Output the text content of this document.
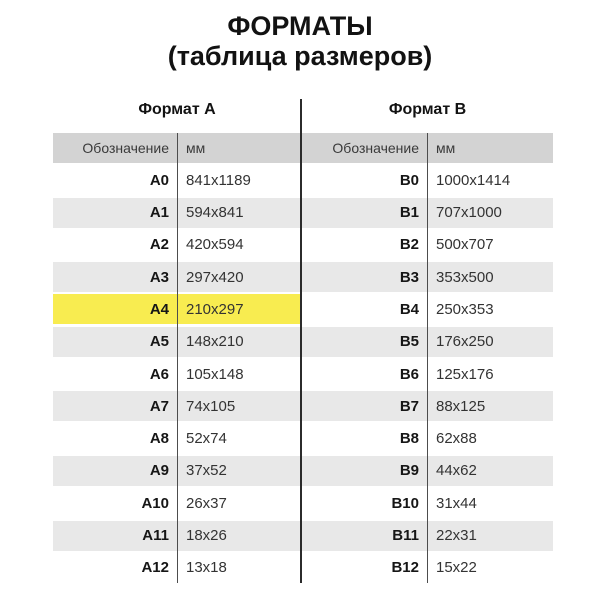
ФОРМАТЫ
(таблица размеров)
Формат А	Формат В
Обозначение	мм
A0	841x1189
A1	594x841
A2	420x594
A3	297x420
A4	210x297
A5	148x210
A6	105x148
A7	74x105
A8	52x74
A9	37x52
A10	26x37
A11	18x26
A12	13x18
Обозначение	мм
B0	1000x1414
B1	707x1000
B2	500x707
B3	353x500
B4	250x353
B5	176x250
B6	125x176
B7	88x125
B8	62x88
B9	44x62
B10	31x44
B11	22x31
B12	15x22
